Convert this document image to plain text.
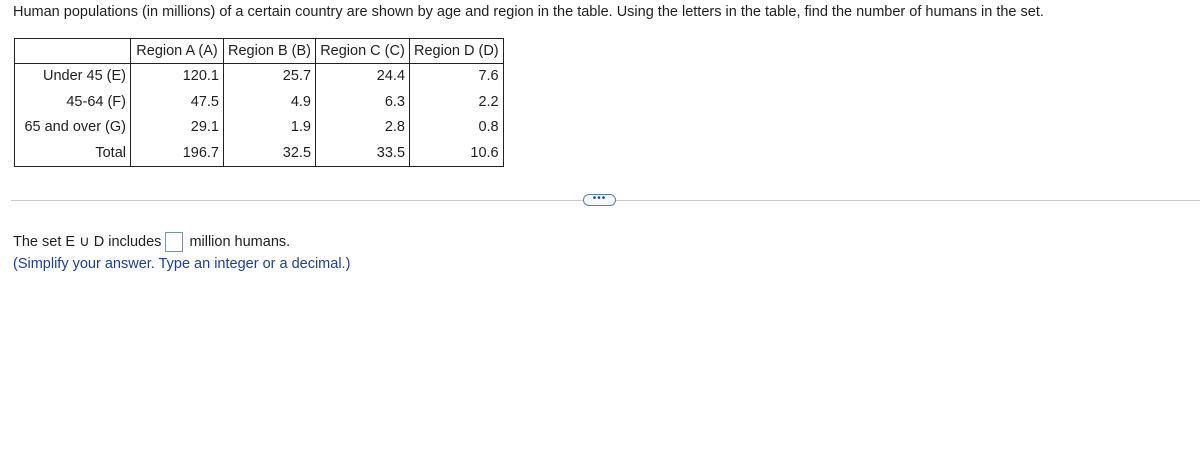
Human populations (in millions) of a certain country are shown by age and region in the table. Using the letters in the table, find the number of humans in the set.
	Region A (A)	Region B (B)	Region C (C)	Region D (D)
Under 45 (E)	120.1	25.7	24.4	7.6
45-64 (F)	47.5	4.9	6.3	2.2
65 and over (G)	29.1	1.9	2.8	0.8
Total	196.7	32.5	33.5	10.6
•••
The set E ∪ D includes million humans.
(Simplify your answer. Type an integer or a decimal.)
